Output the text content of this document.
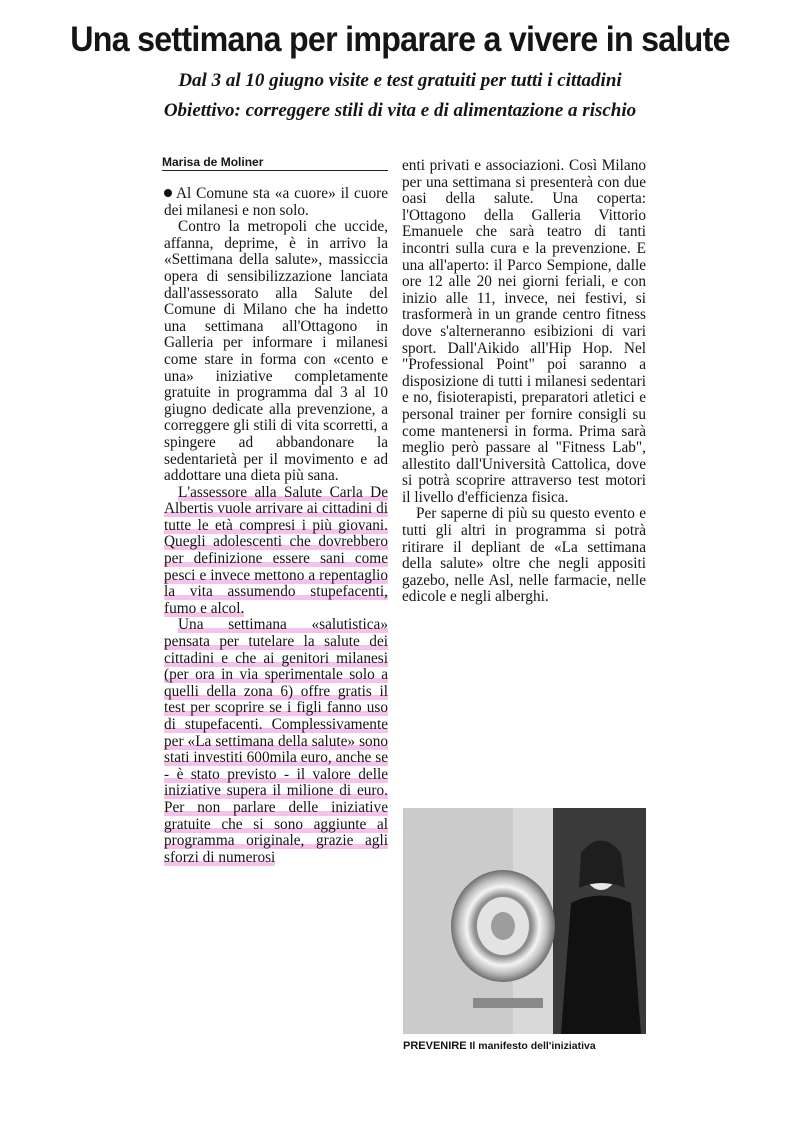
Una settimana per imparare a vivere in salute
Dal 3 al 10 giugno visite e test gratuiti per tutti i cittadini
Obiettivo: correggere stili di vita e di alimentazione a rischio
Marisa de Moliner

Al Comune sta «a cuore» il cuore dei milanesi e non solo.

Contro la metropoli che uccide, affanna, deprime, è in arrivo la «Settimana della salute», massiccia opera di sensibilizzazione lanciata dall'assessorato alla Salute del Comune di Milano che ha indetto una settimana all'Ottagono in Galleria per informare i milanesi come stare in forma con «cento e una» iniziative completamente gratuite in programma dal 3 al 10 giugno dedicate alla prevenzione, a correggere gli stili di vita scorretti, a spingere ad abbandonare la sedentarietà per il movimento e ad addottare una dieta più sana.

L'assessore alla Salute Carla De Albertis vuole arrivare ai cittadini di tutte le età compresi i più giovani. Quegli adolescenti che dovrebbero per definizione essere sani come pesci e invece mettono a repentaglio la vita assumendo stupefacenti, fumo e alcol.

Una settimana «salutistica» pensata per tutelare la salute dei cittadini e che ai genitori milanesi (per ora in via sperimentale solo a quelli della zona 6) offre gratis il test per scoprire se i figli fanno uso di stupefacenti. Complessivamente per «La settimana della salute» sono stati investiti 600mila euro, anche se - è stato previsto - il valore delle iniziative supera il milione di euro. Per non parlare delle iniziative gratuite che si sono aggiunte al programma originale, grazie agli sforzi di numerosi

enti privati e associazioni. Così Milano per una settimana si presenterà con due oasi della salute. Una coperta: l'Ottagono della Galleria Vittorio Emanuele che sarà teatro di tanti incontri sulla cura e la prevenzione. E una all'aperto: il Parco Sempione, dalle ore 12 alle 20 nei giorni feriali, e con inizio alle 11, invece, nei festivi, si trasformerà in un grande centro fitness dove s'alterneranno esibizioni di vari sport. Dall'Aikido all'Hip Hop. Nel "Professional Point" poi saranno a disposizione di tutti i milanesi sedentari e no, fisioterapisti, preparatori atletici e personal trainer per fornire consigli su come mantenersi in forma. Prima sarà meglio però passare al "Fitness Lab", allestito dall'Università Cattolica, dove si potrà scoprire attraverso test motori il livello d'efficienza fisica.

Per saperne di più su questo evento e tutti gli altri in programma si potrà ritirare il depliant de «La settimana della salute» oltre che negli appositi gazebo, nelle Asl, nelle farmacie, nelle edicole e negli alberghi.

PREVENIRE Il manifesto dell'iniziativa
